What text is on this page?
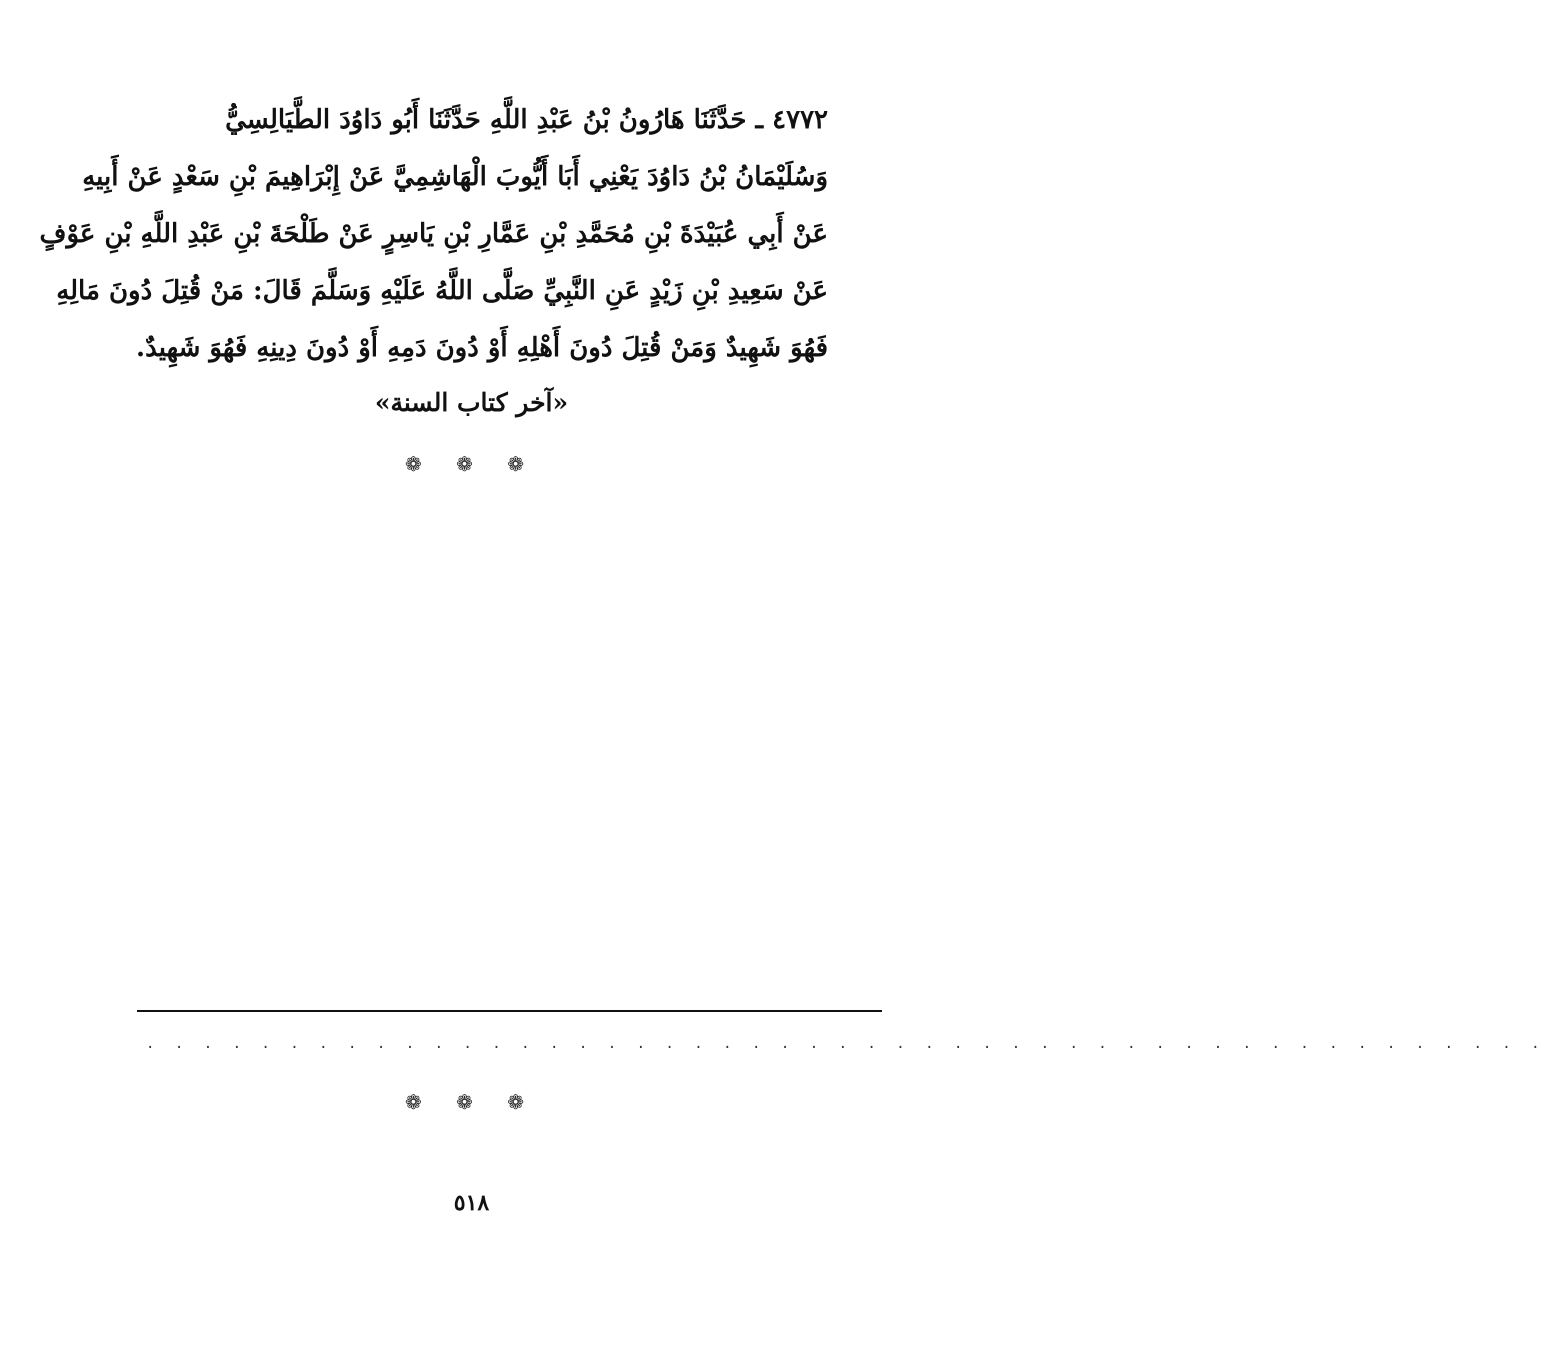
٤٧٧٢ ـ حَدَّثَنَا هَارُونُ بْنُ عَبْدِ اللَّهِ حَدَّثَنَا أَبُو دَاوُدَ الطَّيَالِسِيُّ
وَسُلَيْمَانُ بْنُ دَاوُدَ يَعْنِي أَبَا أَيُّوبَ الْهَاشِمِيَّ عَنْ إِبْرَاهِيمَ بْنِ سَعْدٍ عَنْ أَبِيهِ
عَنْ أَبِي عُبَيْدَةَ بْنِ مُحَمَّدِ بْنِ عَمَّارِ بْنِ يَاسِرٍ عَنْ طَلْحَةَ بْنِ عَبْدِ اللَّهِ بْنِ عَوْفٍ
عَنْ سَعِيدِ بْنِ زَيْدٍ عَنِ النَّبِيِّ صَلَّى اللَّهُ عَلَيْهِ وَسَلَّمَ قَالَ: مَنْ قُتِلَ دُونَ مَالِهِ
فَهُوَ شَهِيدٌ وَمَنْ قُتِلَ دُونَ أَهْلِهِ أَوْ دُونَ دَمِهِ أَوْ دُونَ دِينِهِ فَهُوَ شَهِيدٌ.
«آخر كتاب السنة»
❁ ❁ ❁
. . . . . . . . . . . . . . . . . . . . . . . . . . . . . . . . . . . . . . . . . . . . . . . . .
❁ ❁ ❁
٥١٨
